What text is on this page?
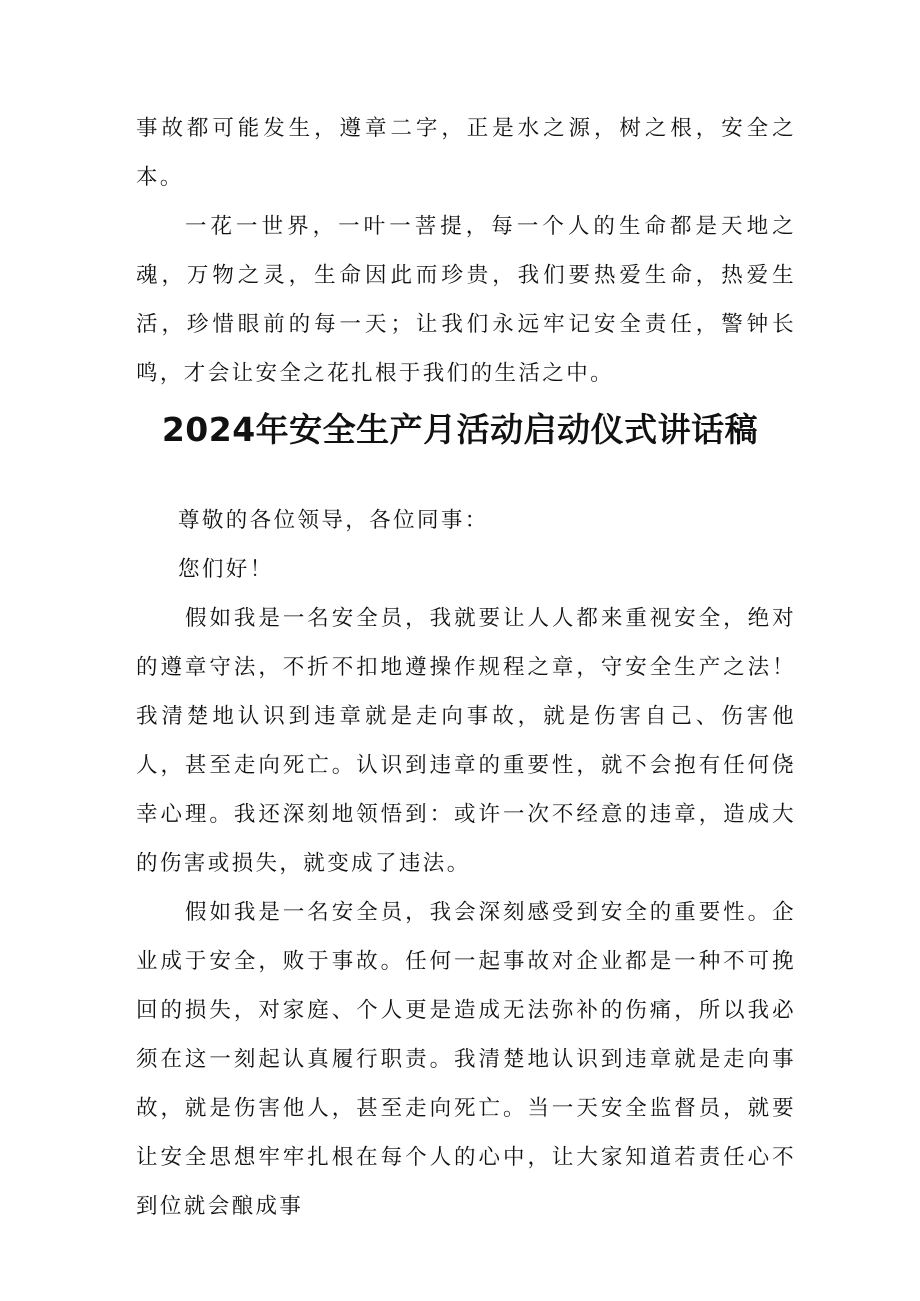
事故都可能发生，遵章二字，正是水之源，树之根，安全之本。

一花一世界，一叶一菩提，每一个人的生命都是天地之魂，万物之灵，生命因此而珍贵，我们要热爱生命，热爱生活，珍惜眼前的每一天；让我们永远牢记安全责任，警钟长鸣，才会让安全之花扎根于我们的生活之中。

2024年安全生产月活动启动仪式讲话稿

尊敬的各位领导，各位同事：

您们好！

假如我是一名安全员，我就要让人人都来重视安全，绝对的遵章守法，不折不扣地遵操作规程之章，守安全生产之法！我清楚地认识到违章就是走向事故，就是伤害自己、伤害他人，甚至走向死亡。认识到违章的重要性，就不会抱有任何侥幸心理。我还深刻地领悟到：或许一次不经意的违章，造成大的伤害或损失，就变成了违法。

假如我是一名安全员，我会深刻感受到安全的重要性。企业成于安全，败于事故。任何一起事故对企业都是一种不可挽回的损失，对家庭、个人更是造成无法弥补的伤痛，所以我必须在这一刻起认真履行职责。我清楚地认识到违章就是走向事故，就是伤害他人，甚至走向死亡。当一天安全监督员，就要让安全思想牢牢扎根在每个人的心中，让大家知道若责任心不到位就会酿成事
